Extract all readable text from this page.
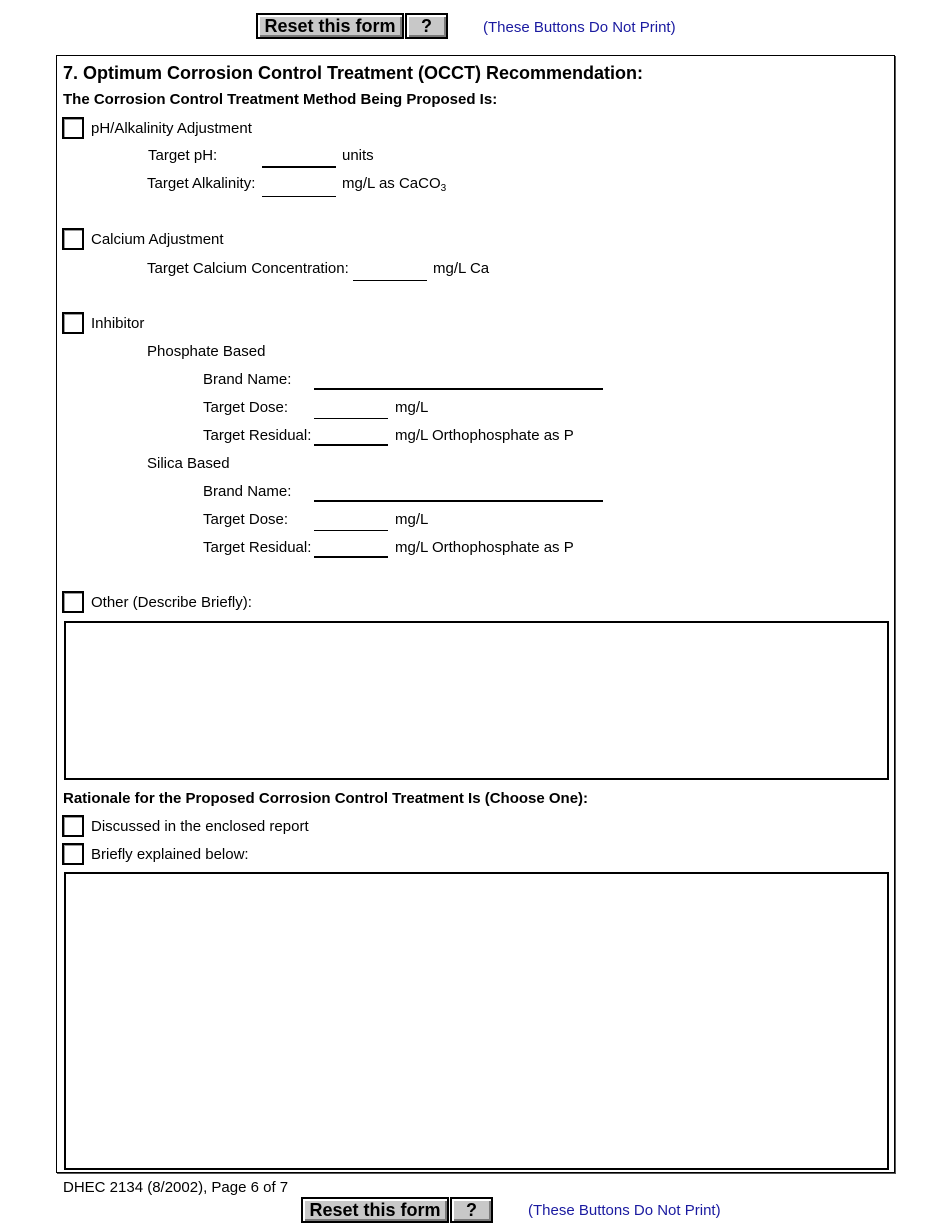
Reset this form	?	(These Buttons Do Not Print)
7. Optimum Corrosion Control Treatment (OCCT) Recommendation:
The Corrosion Control Treatment Method Being Proposed Is:
pH/Alkalinity Adjustment
Target pH:	units
Target Alkalinity:	mg/L as CaCO$_3$
Calcium Adjustment
Target Calcium Concentration:	mg/L Ca
Inhibitor
Phosphate Based
Brand Name:
Target Dose:	mg/L
Target Residual:	mg/L Orthophosphate as P
Silica Based
Brand Name:
Target Dose:	mg/L
Target Residual:	mg/L Orthophosphate as P
Other (Describe Briefly):
Rationale for the Proposed Corrosion Control Treatment Is (Choose One):
Discussed in the enclosed report
Briefly explained below:
DHEC 2134 (8/2002), Page 6 of 7
Reset this form	?	(These Buttons Do Not Print)
